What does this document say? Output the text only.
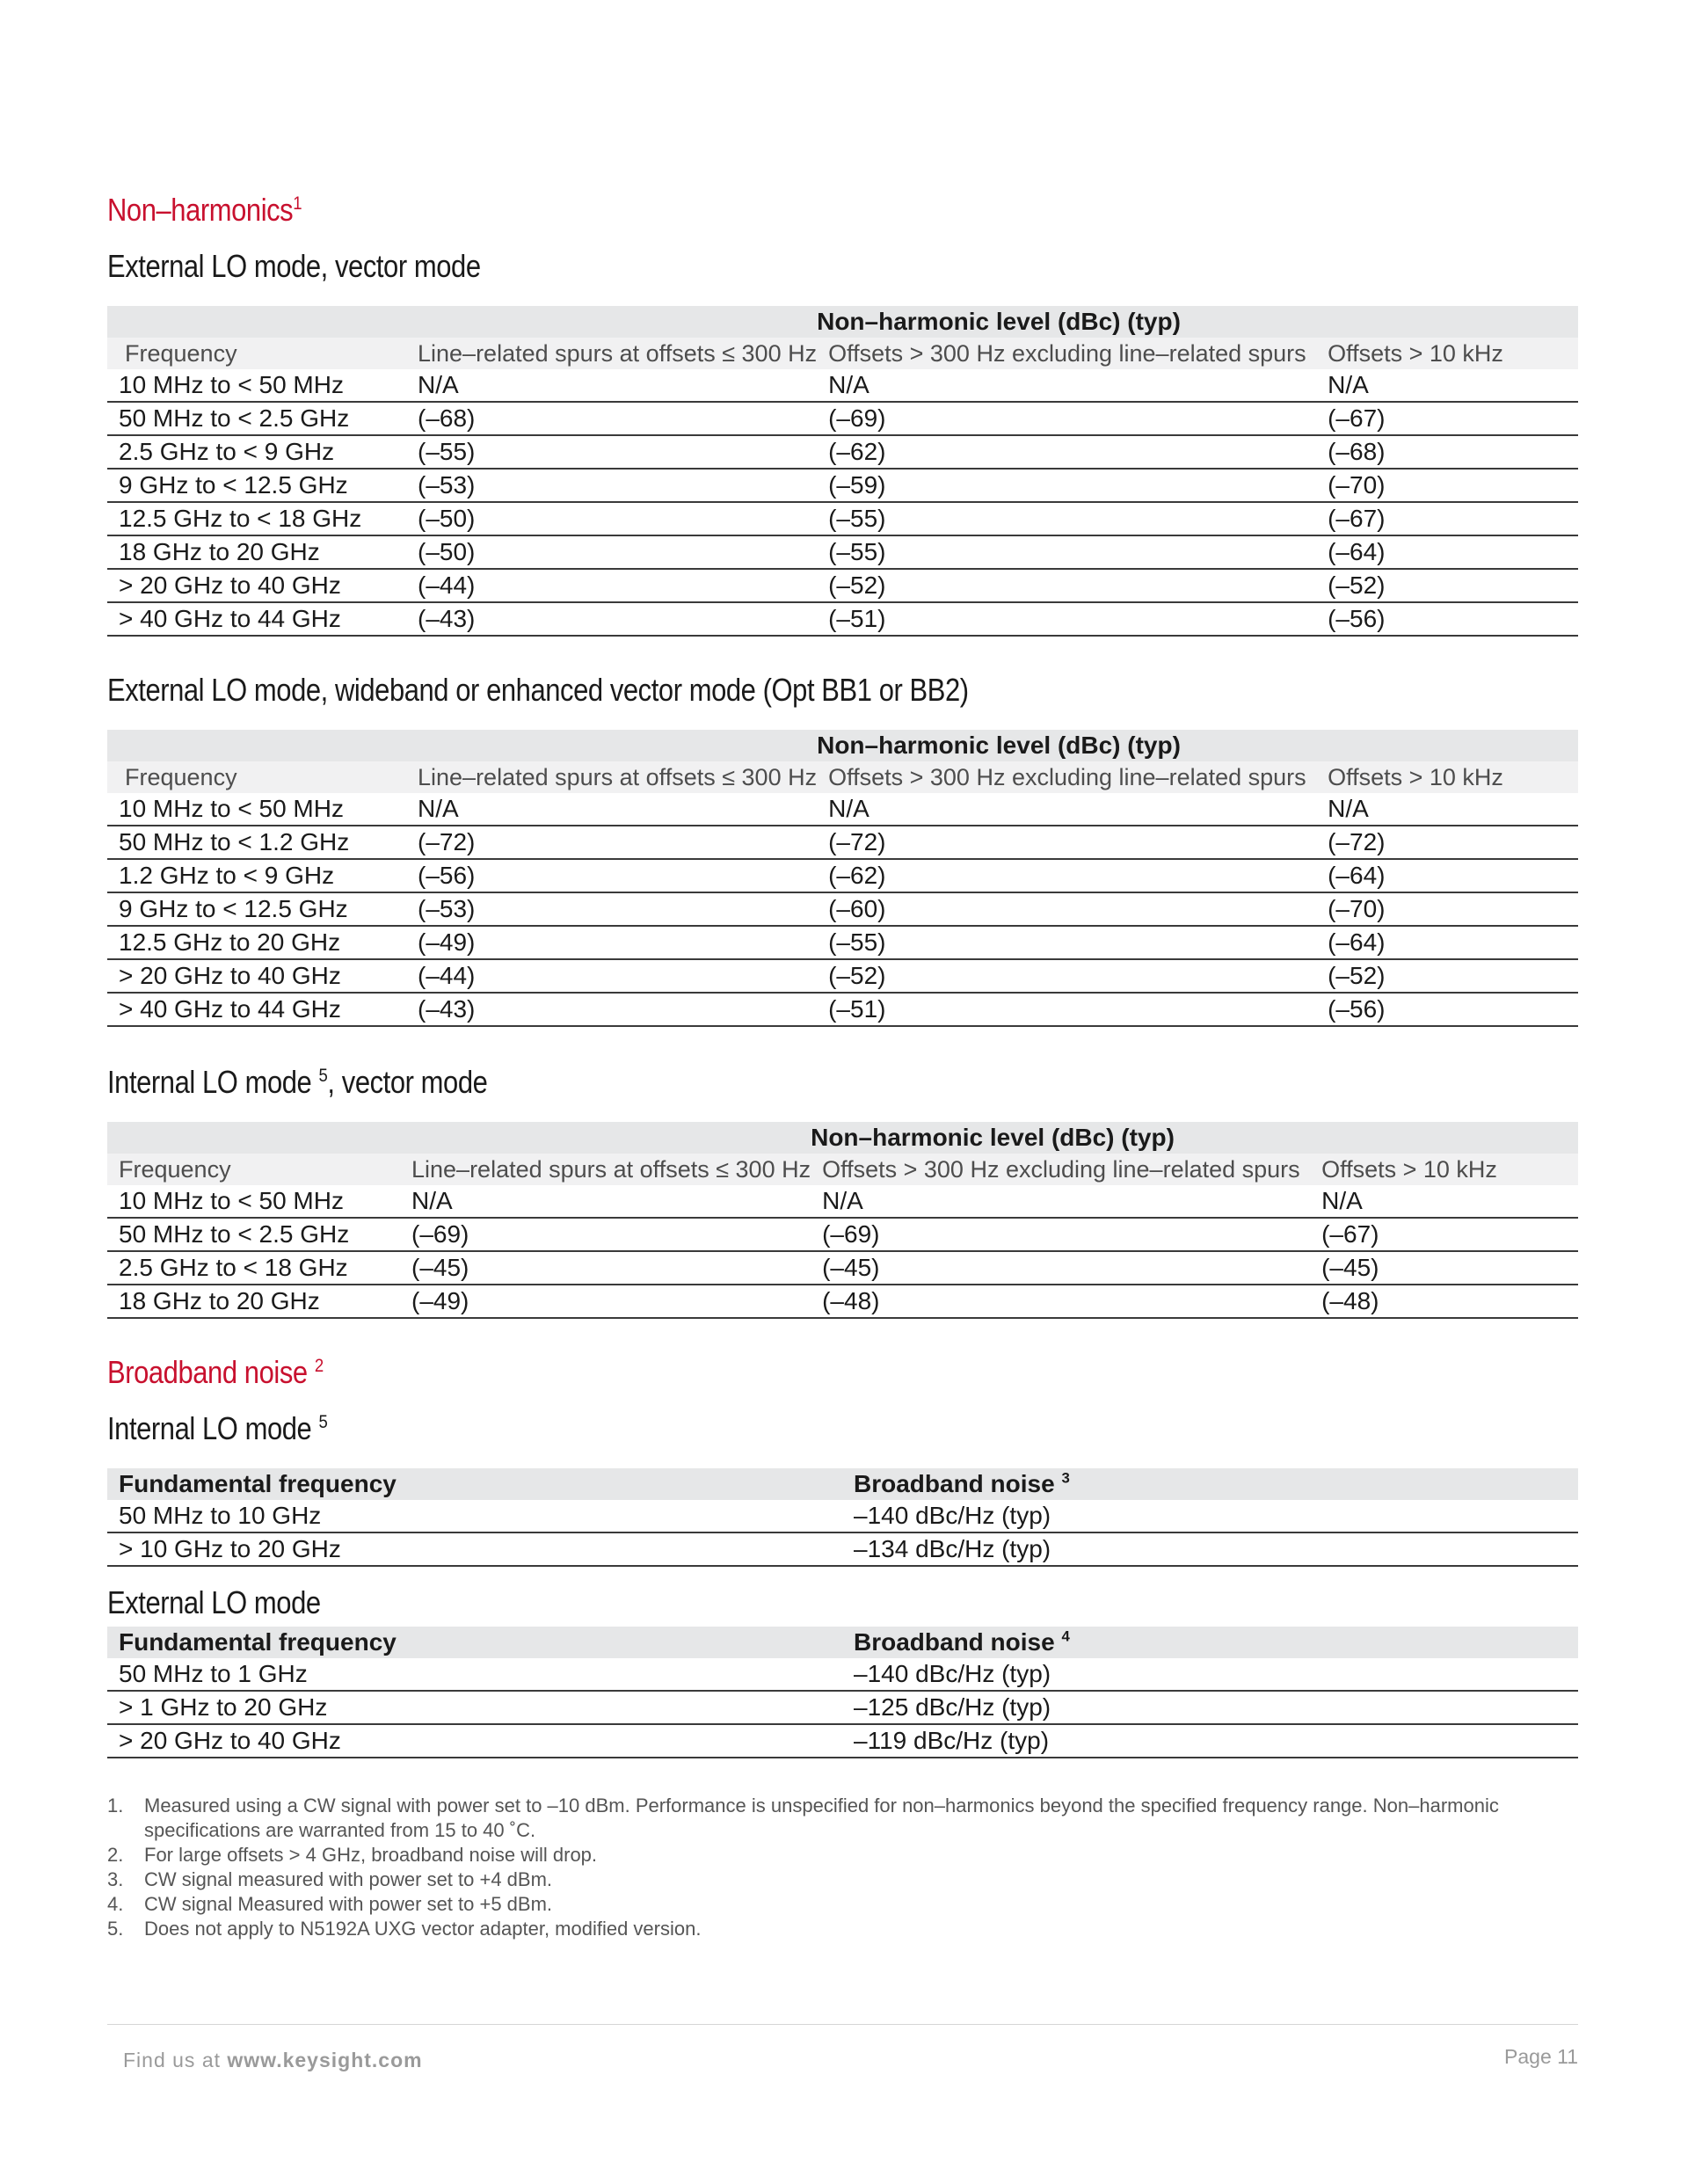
Non–harmonics$^1$
External LO mode, vector mode
		Non–harmonic level (dBc) (typ)	
Frequency	Line–related spurs at offsets ≤ 300 Hz	Offsets > 300 Hz excluding line–related spurs	Offsets > 10 kHz
10 MHz to < 50 MHz	N/A	N/A	N/A
50 MHz to < 2.5 GHz	(–68)	(–69)	(–67)
2.5 GHz to < 9 GHz	(–55)	(–62)	(–68)
9 GHz to < 12.5 GHz	(–53)	(–59)	(–70)
12.5 GHz to < 18 GHz	(–50)	(–55)	(–67)
18 GHz to 20 GHz	(–50)	(–55)	(–64)
> 20 GHz to 40 GHz	(–44)	(–52)	(–52)
> 40 GHz to 44 GHz	(–43)	(–51)	(–56)
External LO mode, wideband or enhanced vector mode (Opt BB1 or BB2)
		Non–harmonic level (dBc) (typ)	
Frequency	Line–related spurs at offsets ≤ 300 Hz	Offsets > 300 Hz excluding line–related spurs	Offsets > 10 kHz
10 MHz to < 50 MHz	N/A	N/A	N/A
50 MHz to < 1.2 GHz	(–72)	(–72)	(–72)
1.2 GHz to < 9 GHz	(–56)	(–62)	(–64)
9 GHz to < 12.5 GHz	(–53)	(–60)	(–70)
12.5 GHz to 20 GHz	(–49)	(–55)	(–64)
> 20 GHz to 40 GHz	(–44)	(–52)	(–52)
> 40 GHz to 44 GHz	(–43)	(–51)	(–56)
Internal LO mode $^5$, vector mode
		Non–harmonic level (dBc) (typ)	
Frequency	Line–related spurs at offsets ≤ 300 Hz	Offsets > 300 Hz excluding line–related spurs	Offsets > 10 kHz
10 MHz to < 50 MHz	N/A	N/A	N/A
50 MHz to < 2.5 GHz	(–69)	(–69)	(–67)
2.5 GHz to < 18 GHz	(–45)	(–45)	(–45)
18 GHz to 20 GHz	(–49)	(–48)	(–48)
Broadband noise $^2$
Internal LO mode $^5$
Fundamental frequency	Broadband noise $^3$
50 MHz to 10 GHz	–140 dBc/Hz (typ)
> 10 GHz to 20 GHz	–134 dBc/Hz (typ)
External LO mode
Fundamental frequency	Broadband noise $^4$
50 MHz to 1 GHz	–140 dBc/Hz (typ)
> 1 GHz to 20 GHz	–125 dBc/Hz (typ)
> 20 GHz to 40 GHz	–119 dBc/Hz (typ)
1. Measured using a CW signal with power set to –10 dBm. Performance is unspecified for non–harmonics beyond the specified frequency range. Non–harmonic specifications are warranted from 15 to 40 ˚C.
2. For large offsets > 4 GHz, broadband noise will drop.
3. CW signal measured with power set to +4 dBm.
4. CW signal Measured with power set to +5 dBm.
5. Does not apply to N5192A UXG vector adapter, modified version.
Find us at www.keysight.com	Page 11
